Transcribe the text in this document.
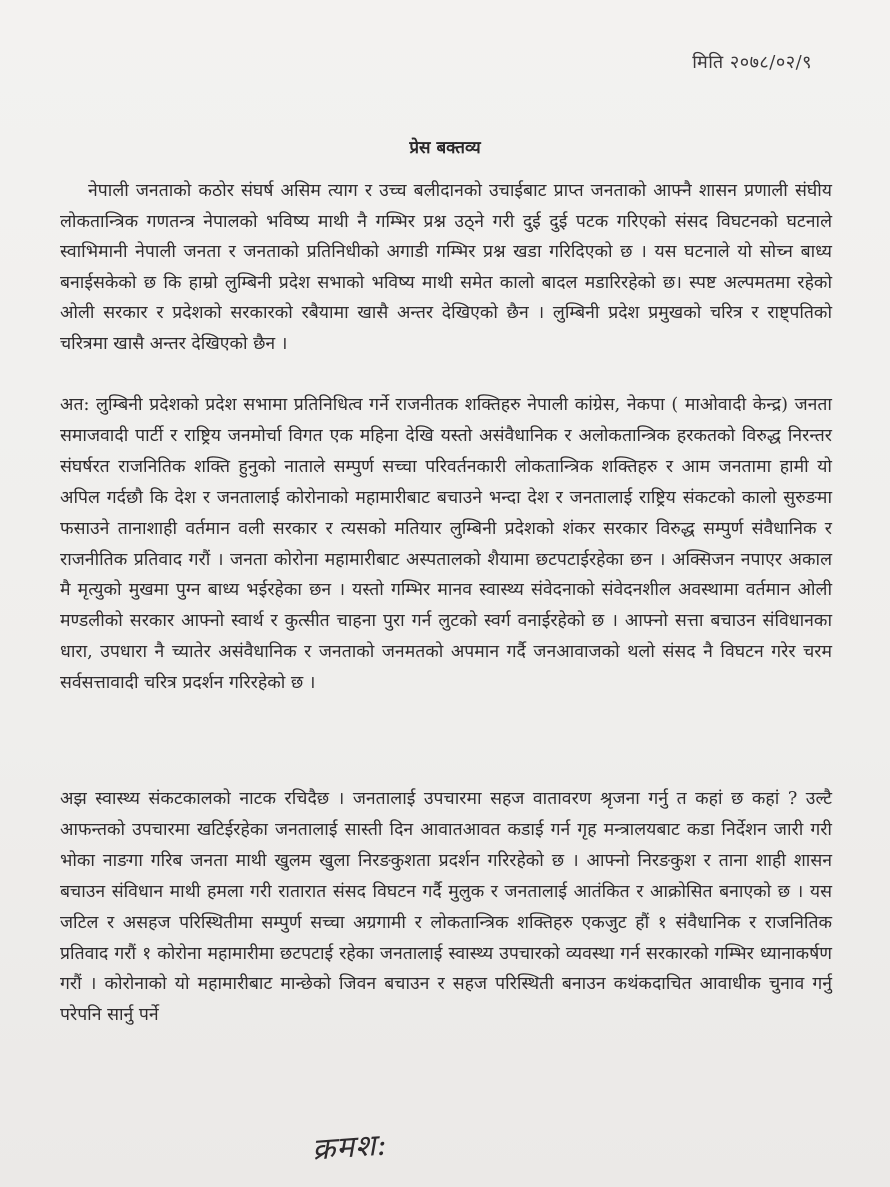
मिति २०७८/०२/९
प्रेस बक्तव्य
नेपाली जनताको कठोर संघर्ष असिम त्याग र उच्च बलीदानको उचाईबाट प्राप्त जनताको आफ्नै शासन प्रणाली संघीय लोकतान्त्रिक गणतन्त्र नेपालको भविष्य माथी नै गम्भिर प्रश्न उठ्ने गरी दुई दुई पटक गरिएको संसद विघटनको घटनाले स्वाभिमानी नेपाली जनता र जनताको प्रतिनिधीको अगाडी गम्भिर प्रश्न खडा गरिदिएको छ । यस घटनाले यो सोच्न बाध्य बनाईसकेको छ कि हाम्रो लुम्बिनी प्रदेश सभाको भविष्य माथी समेत कालो बादल मडारिरहेको छ। स्पष्ट अल्पमतमा रहेको ओली सरकार र प्रदेशको सरकारको रबैयामा खासै अन्तर देखिएको छैन । लुम्बिनी प्रदेश प्रमुखको चरित्र र राष्ट्पतिको चरित्रमा खासै अन्तर देखिएको छैन ।
अत: लुम्बिनी प्रदेशको प्रदेश सभामा प्रतिनिधित्व गर्ने राजनीतक शक्तिहरु नेपाली कांग्रेस, नेकपा ( माओवादी केन्द्र) जनता समाजवादी पार्टी र राष्ट्रिय जनमोर्चा विगत एक महिना देखि यस्तो असंवैधानिक र अलोकतान्त्रिक हरकतको विरुद्ध निरन्तर संघर्षरत राजनितिक शक्ति हुनुको नाताले सम्पुर्ण सच्चा परिवर्तनकारी लोकतान्त्रिक शक्तिहरु र आम जनतामा हामी यो अपिल गर्दछौ कि देश र जनतालाई कोरोनाको महामारीबाट बचाउने भन्दा देश र जनतालाई राष्ट्रिय संकटको कालो सुरुङमा फसाउने तानाशाही वर्तमान वली सरकार र त्यसको मतियार लुम्बिनी प्रदेशको शंकर सरकार विरुद्ध सम्पुर्ण संवैधानिक र राजनीतिक प्रतिवाद गरौं । जनता कोरोना महामारीबाट अस्पतालको शैयामा छटपटाईरहेका छन । अक्सिजन नपाएर अकाल मै मृत्युको मुखमा पुग्न बाध्य भईरहेका छन । यस्तो गम्भिर मानव स्वास्थ्य संवेदनाको संवेदनशील अवस्थामा वर्तमान ओली मण्डलीको सरकार आफ्नो स्वार्थ र कुत्सीत चाहना पुरा गर्न लुटको स्वर्ग वनाईरहेको छ । आफ्नो सत्ता बचाउन संविधानका धारा, उपधारा नै च्यातेर असंवैधानिक र जनताको जनमतको अपमान गर्दै जनआवाजको थलो संसद नै विघटन गरेर चरम सर्वसत्तावादी चरित्र प्रदर्शन गरिरहेको छ ।
अझ स्वास्थ्य संकटकालको नाटक रचिदैछ । जनतालाई उपचारमा सहज वातावरण श्रृजना गर्नु त कहां छ कहां ? उल्टै आफन्तको उपचारमा खटिईरहेका जनतालाई सास्ती दिन आवातआवत कडाई गर्न गृह मन्त्रालयबाट कडा निर्देशन जारी गरी भोका नाङगा गरिब जनता माथी खुलम खुला निरङकुशता प्रदर्शन गरिरहेको छ । आफ्नो निरङकुश र ताना शाही शासन बचाउन संविधान माथी हमला गरी रातारात संसद विघटन गर्दै मुलुक र जनतालाई आतंकित र आक्रोसित बनाएको छ । यस जटिल र असहज परिस्थितीमा सम्पुर्ण सच्चा अग्रगामी र लोकतान्त्रिक शक्तिहरु एकजुट हौं १ संवैधानिक र राजनितिक प्रतिवाद गरौं १ कोरोना महामारीमा छटपटाई रहेका जनतालाई स्वास्थ्य उपचारको व्यवस्था गर्न सरकारको गम्भिर ध्यानाकर्षण गरौं । कोरोनाको यो महामारीबाट मान्छेको जिवन बचाउन र सहज परिस्थिती बनाउन कथंकदाचित आवाधीक चुनाव गर्नु परेपनि सार्नु पर्ने
क्रमश:
